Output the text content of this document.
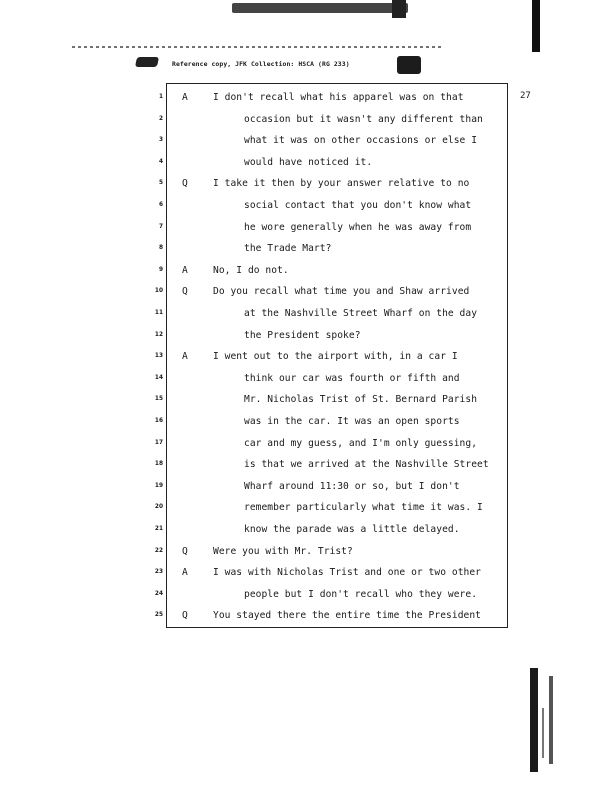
Reference copy, JFK Collection: HSCA (RG 233)
27
1 A	I don't recall what his apparel was on that
2	occasion but it wasn't any different than
3	what it was on other occasions or else I
4	would have noticed it.
5 Q	I take it then by your answer relative to no
6	social contact that you don't know what
7	he wore generally when he was away from
8	the Trade Mart?
9 A	No, I do not.
10 Q	Do you recall what time you and Shaw arrived
11	at the Nashville Street Wharf on the day
12	the President spoke?
13 A	I went out to the airport with, in a car I
14	think our car was fourth or fifth and
15	Mr. Nicholas Trist of St. Bernard Parish
16	was in the car. It was an open sports
17	car and my guess, and I'm only guessing,
18	is that we arrived at the Nashville Street
19	Wharf around 11:30 or so, but I don't
20	remember particularly what time it was. I
21	know the parade was a little delayed.
22 Q	Were you with Mr. Trist?
23 A	I was with Nicholas Trist and one or two other
24	people but I don't recall who they were.
25 Q	You stayed there the entire time the President
